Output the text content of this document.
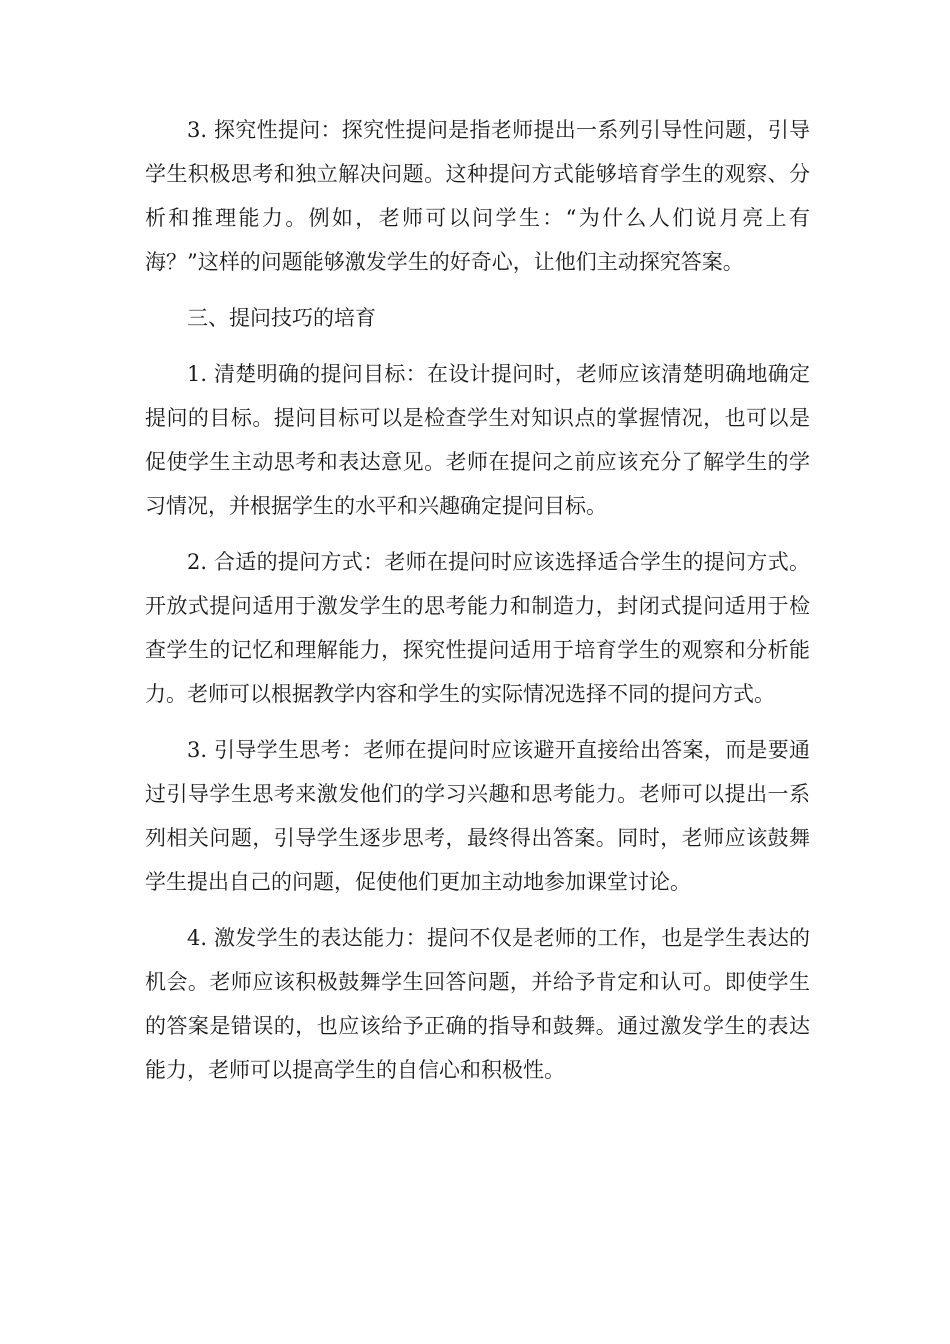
3. 探究性提问：探究性提问是指老师提出一系列引导性问题，引导学生积极思考和独立解决问题。这种提问方式能够培育学生的观察、分析和推理能力。例如，老师可以问学生：“为什么人们说月亮上有海？”这样的问题能够激发学生的好奇心，让他们主动探究答案。

三、提问技巧的培育

1. 清楚明确的提问目标：在设计提问时，老师应该清楚明确地确定提问的目标。提问目标可以是检查学生对知识点的掌握情况，也可以是促使学生主动思考和表达意见。老师在提问之前应该充分了解学生的学习情况，并根据学生的水平和兴趣确定提问目标。

2. 合适的提问方式：老师在提问时应该选择适合学生的提问方式。开放式提问适用于激发学生的思考能力和制造力，封闭式提问适用于检查学生的记忆和理解能力，探究性提问适用于培育学生的观察和分析能力。老师可以根据教学内容和学生的实际情况选择不同的提问方式。

3. 引导学生思考：老师在提问时应该避开直接给出答案，而是要通过引导学生思考来激发他们的学习兴趣和思考能力。老师可以提出一系列相关问题，引导学生逐步思考，最终得出答案。同时，老师应该鼓舞学生提出自己的问题，促使他们更加主动地参加课堂讨论。

4. 激发学生的表达能力：提问不仅是老师的工作，也是学生表达的机会。老师应该积极鼓舞学生回答问题，并给予肯定和认可。即使学生的答案是错误的，也应该给予正确的指导和鼓舞。通过激发学生的表达能力，老师可以提高学生的自信心和积极性。
